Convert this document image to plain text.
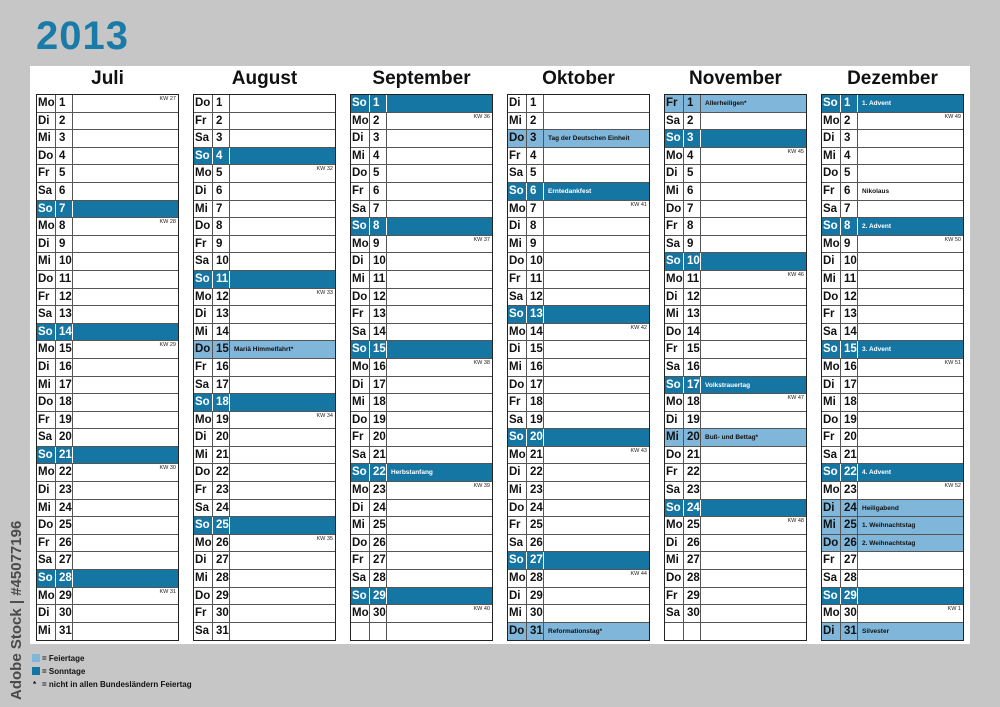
2013
Juli
Mo 1	KW 27
Di 2
Mi 3
Do 4
Fr 5
Sa 6
So 7
Mo 8	KW 28
Di 9
Mi 10
Do 11
Fr 12
Sa 13
So 14
Mo 15	KW 29
Di 16
Mi 17
Do 18
Fr 19
Sa 20
So 21
Mo 22	KW 30
Di 23
Mi 24
Do 25
Fr 26
Sa 27
So 28
Mo 29	KW 31
Di 30
Mi 31
August
Do 1
Fr 2
Sa 3
So 4
Mo 5	KW 32
Di 6
Mi 7
Do 8
Fr 9
Sa 10
So 11
Mo 12	KW 33
Di 13
Mi 14
Do 15 Mariä Himmelfahrt*
Fr 16
Sa 17
So 18
Mo 19	KW 34
Di 20
Mi 21
Do 22
Fr 23
Sa 24
So 25
Mo 26	KW 35
Di 27
Mi 28
Do 29
Fr 30
Sa 31
September
So 1
Mo 2	KW 36
Di 3
Mi 4
Do 5
Fr 6
Sa 7
So 8
Mo 9	KW 37
Di 10
Mi 11
Do 12
Fr 13
Sa 14
So 15
Mo 16	KW 38
Di 17
Mi 18
Do 19
Fr 20
Sa 21
So 22 Herbstanfang
Mo 23	KW 39
Di 24
Mi 25
Do 26
Fr 27
Sa 28
So 29
Mo 30	KW 40
Oktober
Di 1
Mi 2
Do 3	Tag der Deutschen Einheit
Fr 4
Sa 5
So 6	Erntedankfest
Mo 7	KW 41
Di 8
Mi 9
Do 10
Fr 11
Sa 12
So 13
Mo 14	KW 42
Di 15
Mi 16
Do 17
Fr 18
Sa 19
So 20
Mo 21	KW 43
Di 22
Mi 23
Do 24
Fr 25
Sa 26
So 27
Mo 28	KW 44
Di 29
Mi 30
Do 31 Reformationstag*
November
Fr 1	Allerheiligen*
Sa 2
So 3
Mo 4	KW 45
Di 5
Mi 6
Do 7
Fr 8
Sa 9
So 10
Mo 11	KW 46
Di 12
Mi 13
Do 14
Fr 15
Sa 16
So 17 Volkstrauertag
Mo 18	KW 47
Di 19
Mi 20 Buß- und Bettag*
Do 21
Fr 22
Sa 23
So 24
Mo 25	KW 48
Di 26
Mi 27
Do 28
Fr 29
Sa 30
Dezember
So 1	1. Advent
Mo 2	KW 49
Di 3
Mi 4
Do 5
Fr 6	Nikolaus
Sa 7
So 8	2. Advent
Mo 9	KW 50
Di 10
Mi 11
Do 12
Fr 13
Sa 14
So 15 3. Advent
Mo 16	KW 51
Di 17
Mi 18
Do 19
Fr 20
Sa 21
So 22 4. Advent
Mo 23	KW 52
Di 24 Heiligabend
Mi 25 1. Weihnachtstag
Do 26 2. Weihnachtstag
Fr 27
Sa 28
So 29
Mo 30	KW 1
Di 31 Silvester
= Feiertage
= Sonntage
* = nicht in allen Bundesländern Feiertag
Adobe Stock | #45077196
